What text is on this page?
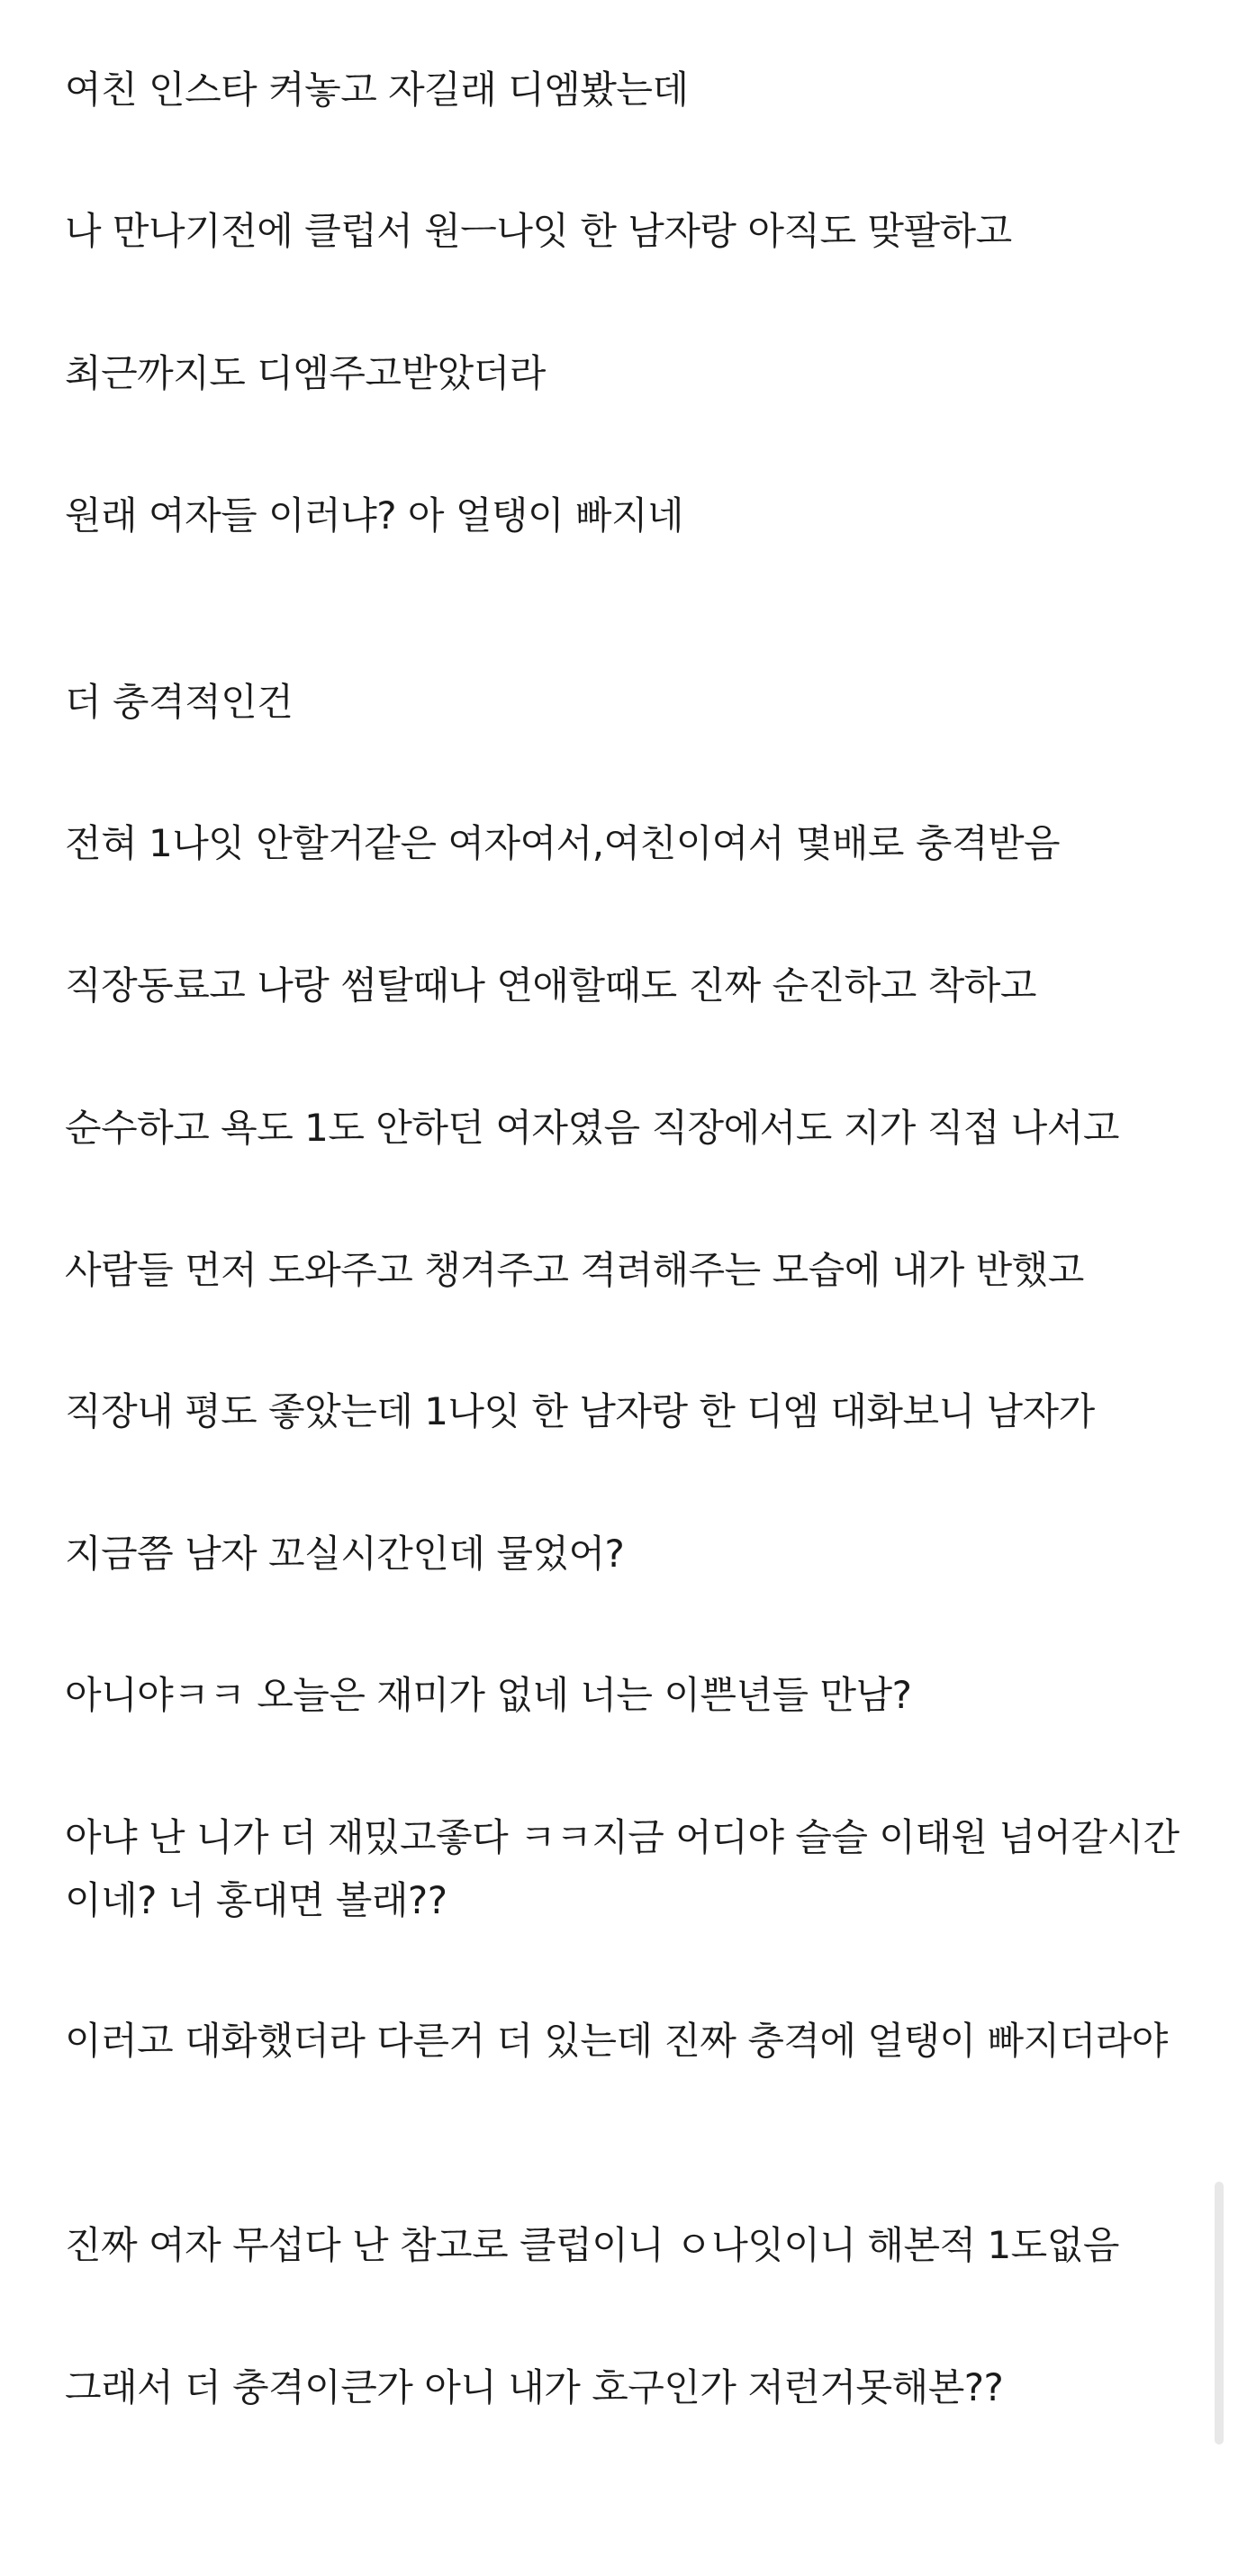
여친 인스타 켜놓고 자길래 디엠봤는데
나 만나기전에 클럽서 원ㅡ나잇 한 남자랑 아직도 맞팔하고
최근까지도 디엠주고받았더라
원래 여자들 이러냐? 아 얼탱이 빠지네
더 충격적인건
전혀 1나잇 안할거같은 여자여서,여친이여서 몇배로 충격받음
직장동료고 나랑 썸탈때나 연애할때도 진짜 순진하고 착하고
순수하고 욕도 1도 안하던 여자였음 직장에서도 지가 직접 나서고
사람들 먼저 도와주고 챙겨주고 격려해주는 모습에 내가 반했고
직장내 평도 좋았는데 1나잇 한 남자랑 한 디엠 대화보니 남자가
지금쯤 남자 꼬실시간인데 물었어?
아니야ㅋㅋ 오늘은 재미가 없네 너는 이쁜년들 만남?
아냐 난 니가 더 재밌고좋다 ㅋㅋ지금 어디야 슬슬 이태원 넘어갈시간이네? 너 홍대면 볼래??
이러고 대화했더라 다른거 더 있는데 진짜 충격에 얼탱이 빠지더라야
진짜 여자 무섭다 난 참고로 클럽이니 ㅇ나잇이니 해본적 1도없음
그래서 더 충격이큰가 아니 내가 호구인가 저런거못해본??
